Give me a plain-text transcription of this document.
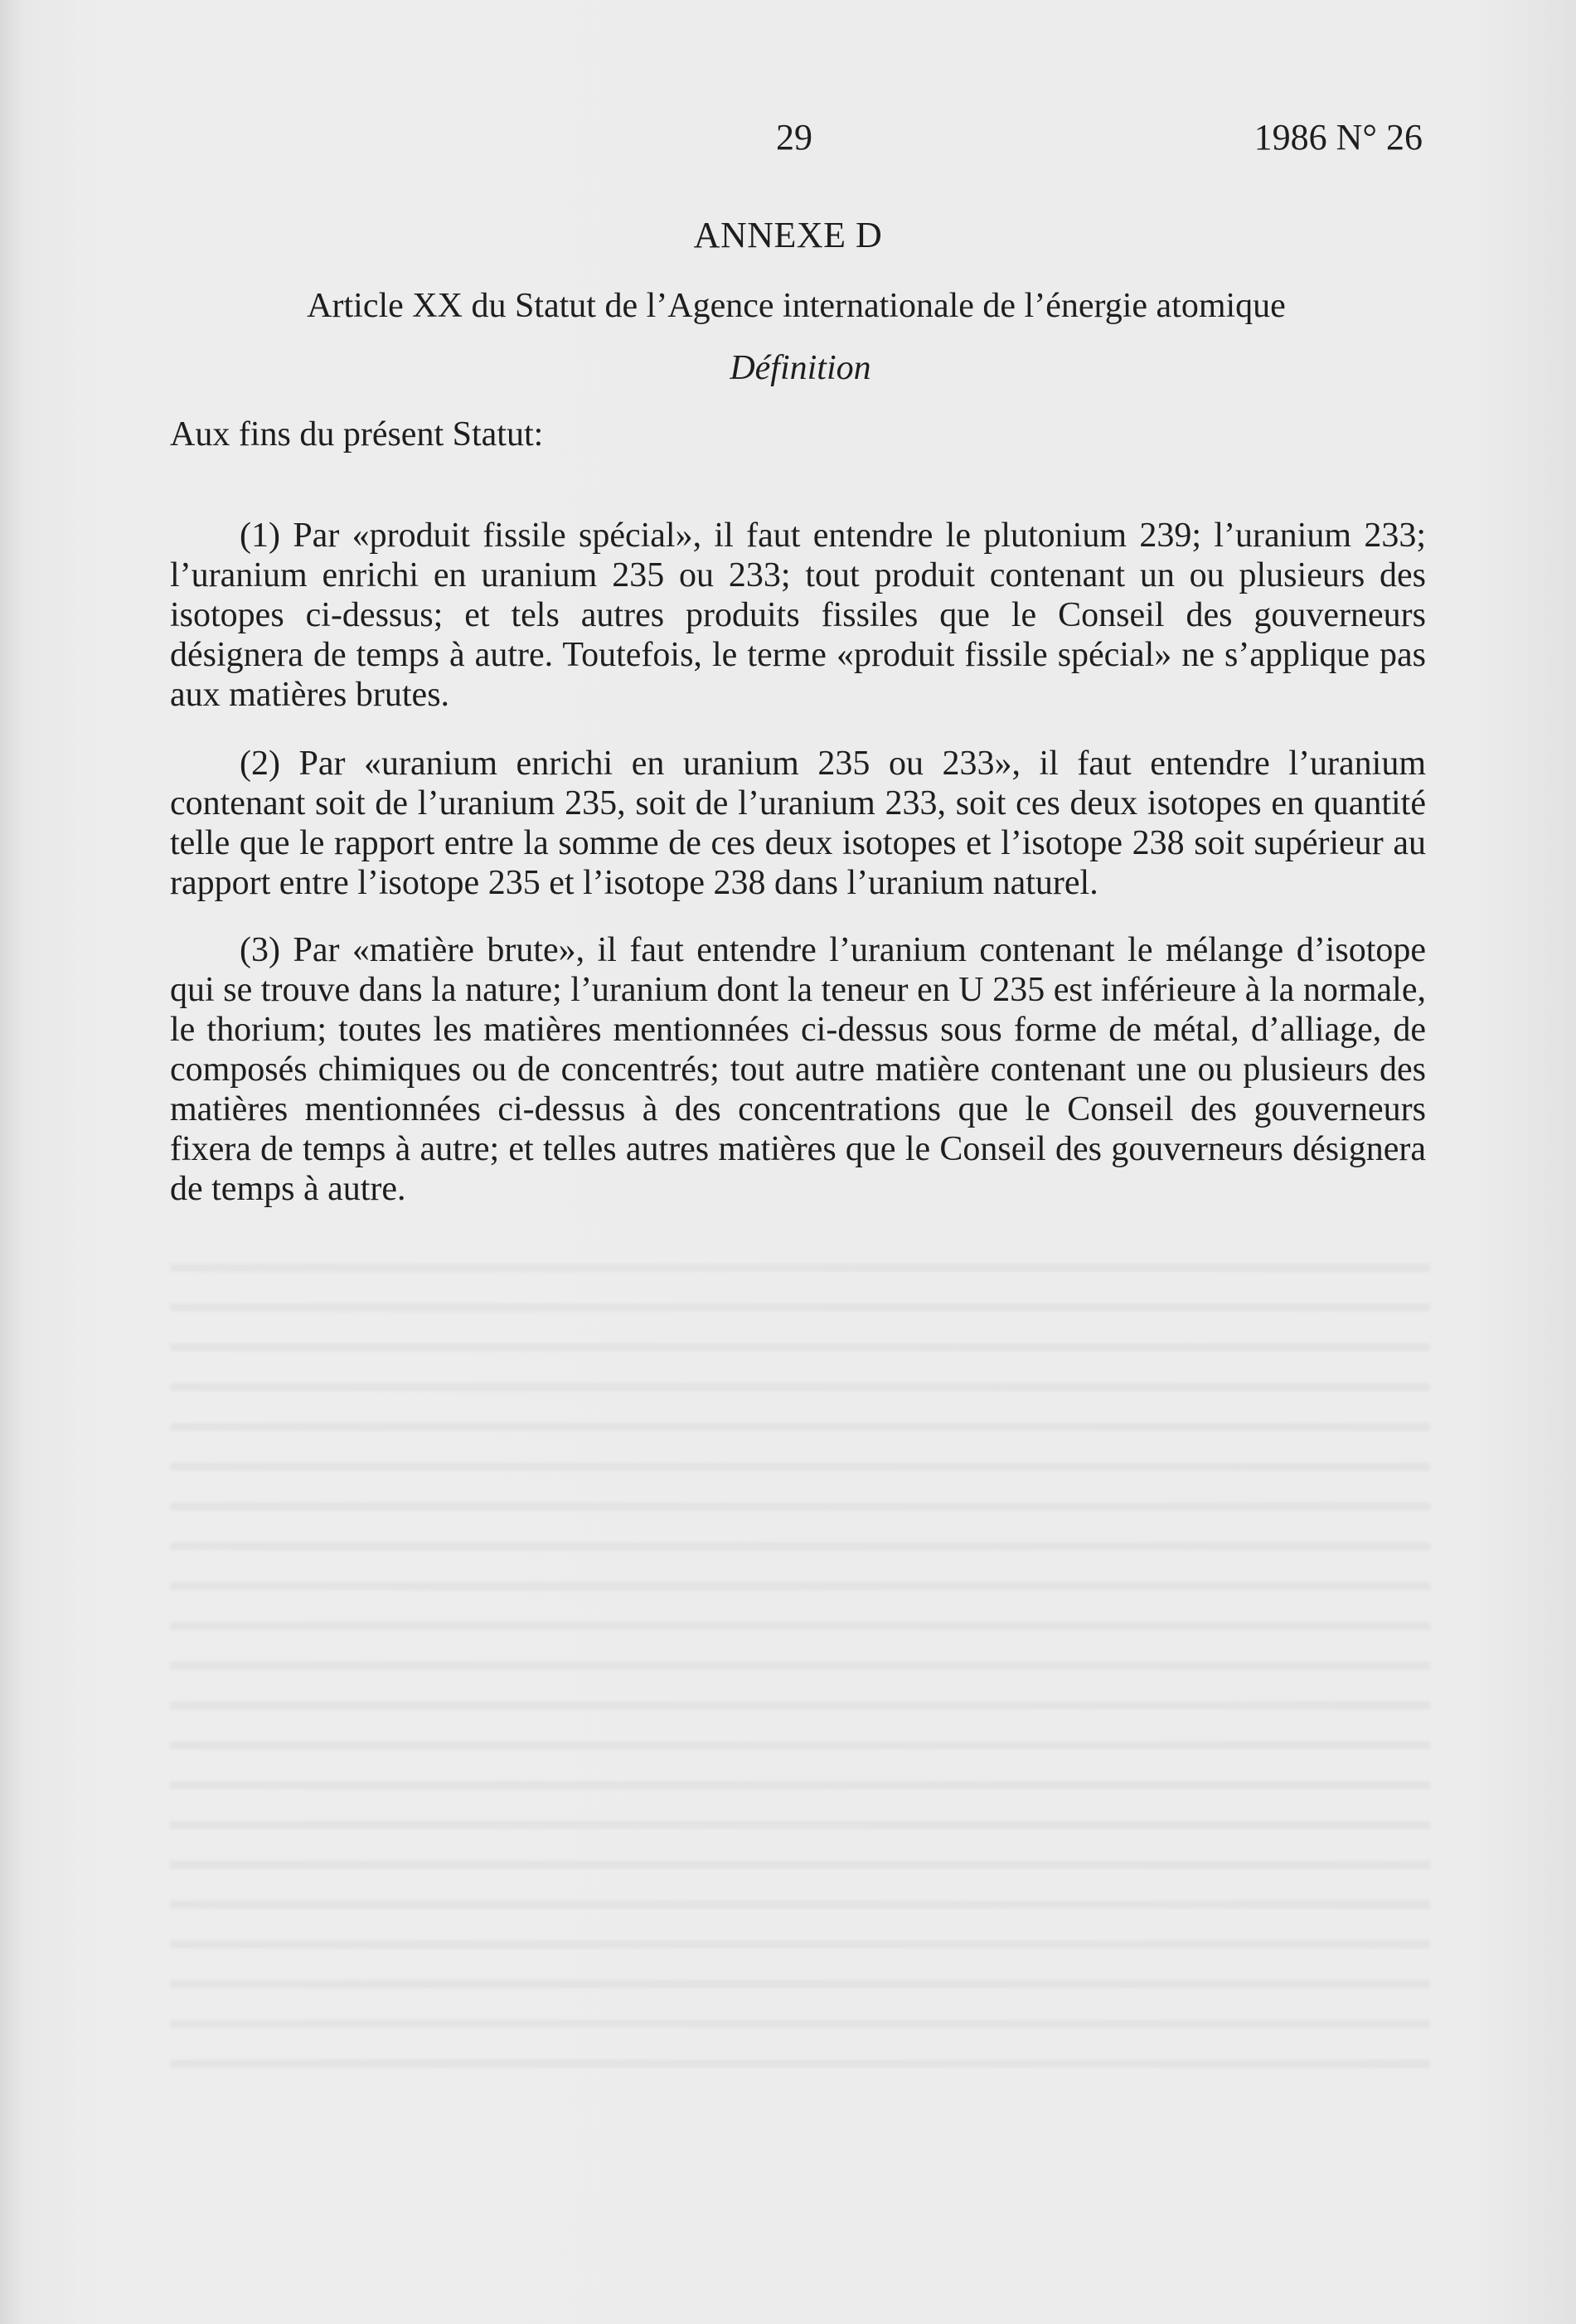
29	1986 N° 26
ANNEXE D
Article XX du Statut de l’Agence internationale de l’énergie atomique
Définition
Aux fins du présent Statut:

(1) Par «produit fissile spécial», il faut entendre le plutonium 239; l’uranium 233; l’uranium enrichi en uranium 235 ou 233; tout produit contenant un ou plusieurs des isotopes ci-dessus; et tels autres produits fissiles que le Conseil des gouverneurs désignera de temps à autre. Toutefois, le terme «produit fissile spécial» ne s’applique pas aux matières brutes.

(2) Par «uranium enrichi en uranium 235 ou 233», il faut entendre l’uranium contenant soit de l’uranium 235, soit de l’uranium 233, soit ces deux isotopes en quantité telle que le rapport entre la somme de ces deux isotopes et l’isotope 238 soit supérieur au rapport entre l’isotope 235 et l’isotope 238 dans l’uranium naturel.

(3) Par «matière brute», il faut entendre l’uranium contenant le mélange d’isotope qui se trouve dans la nature; l’uranium dont la teneur en U 235 est inférieure à la normale, le thorium; toutes les matières mentionnées ci-dessus sous forme de métal, d’alliage, de composés chimiques ou de concentrés; tout autre matière contenant une ou plusieurs des matières mentionnées ci-dessus à des concentrations que le Conseil des gouverneurs fixera de temps à autre; et telles autres matières que le Conseil des gouverneurs désignera de temps à autre.
